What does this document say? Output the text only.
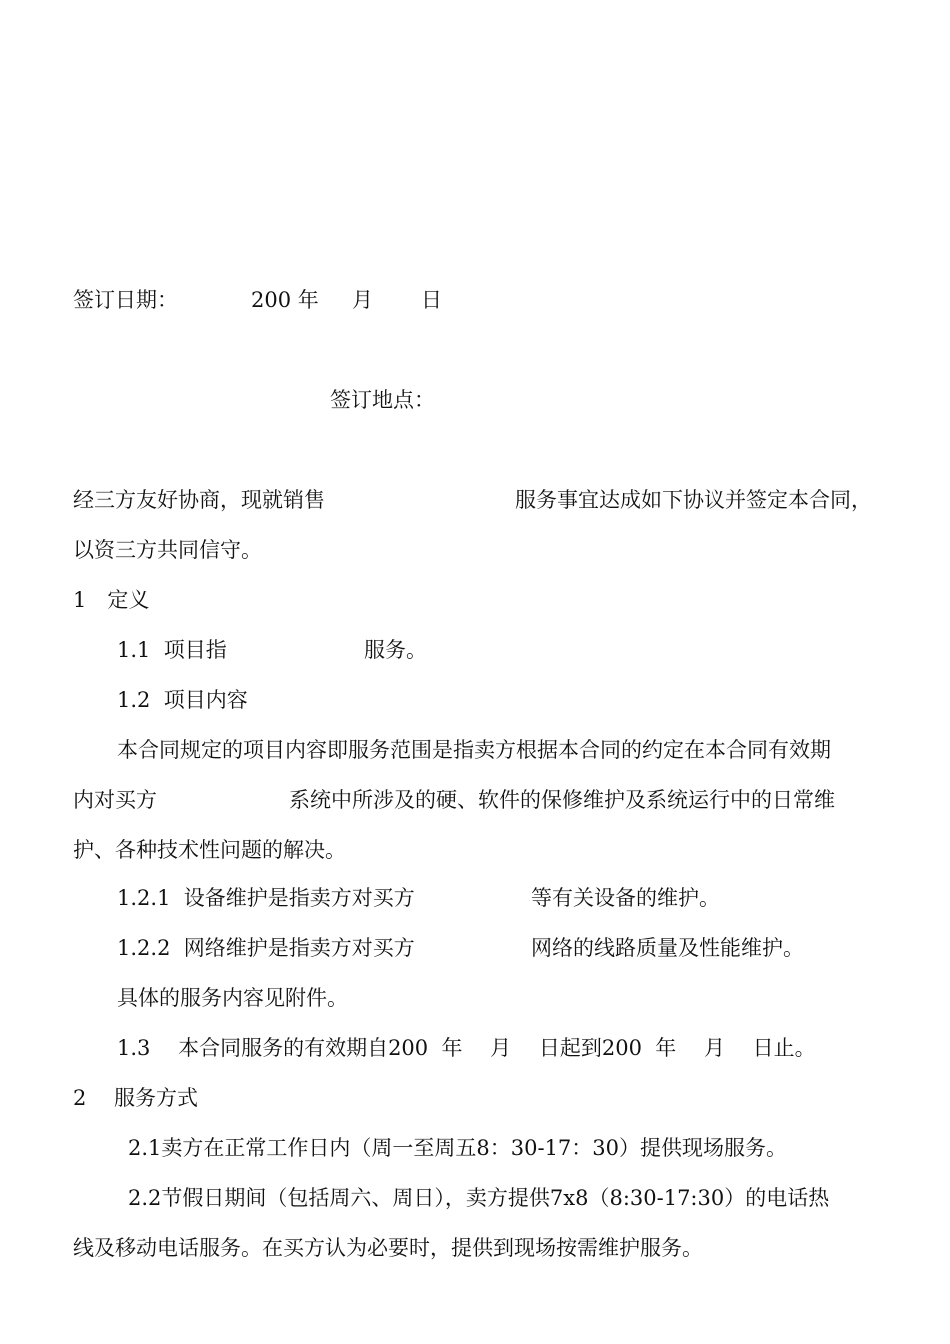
签订日期：	200 年 月 日
签订地点：
经三方友好协商，现就销售	服务事宜达成如下协议并签定本合同，
以资三方共同信守。
1　定义
1.1  项目指	服务。
1.2  项目内容
本合同规定的项目内容即服务范围是指卖方根据本合同的约定在本合同有效期
内对买方	系统中所涉及的硬、软件的保修维护及系统运行中的日常维
护、各种技术性问题的解决。
1.2.1  设备维护是指卖方对买方	等有关设备的维护。
1.2.2  网络维护是指卖方对买方	网络的线路质量及性能维护。
具体的服务内容见附件。
1.3　 本合同服务的有效期自200  年　 月　 日起到200  年　 月　 日止。
2　 服务方式
2.1卖方在正常工作日内（周一至周五8：30-17：30）提供现场服务。
2.2节假日期间（包括周六、周日），卖方提供7x8（8:30-17:30）的电话热
线及移动电话服务。在买方认为必要时，提供到现场按需维护服务。
